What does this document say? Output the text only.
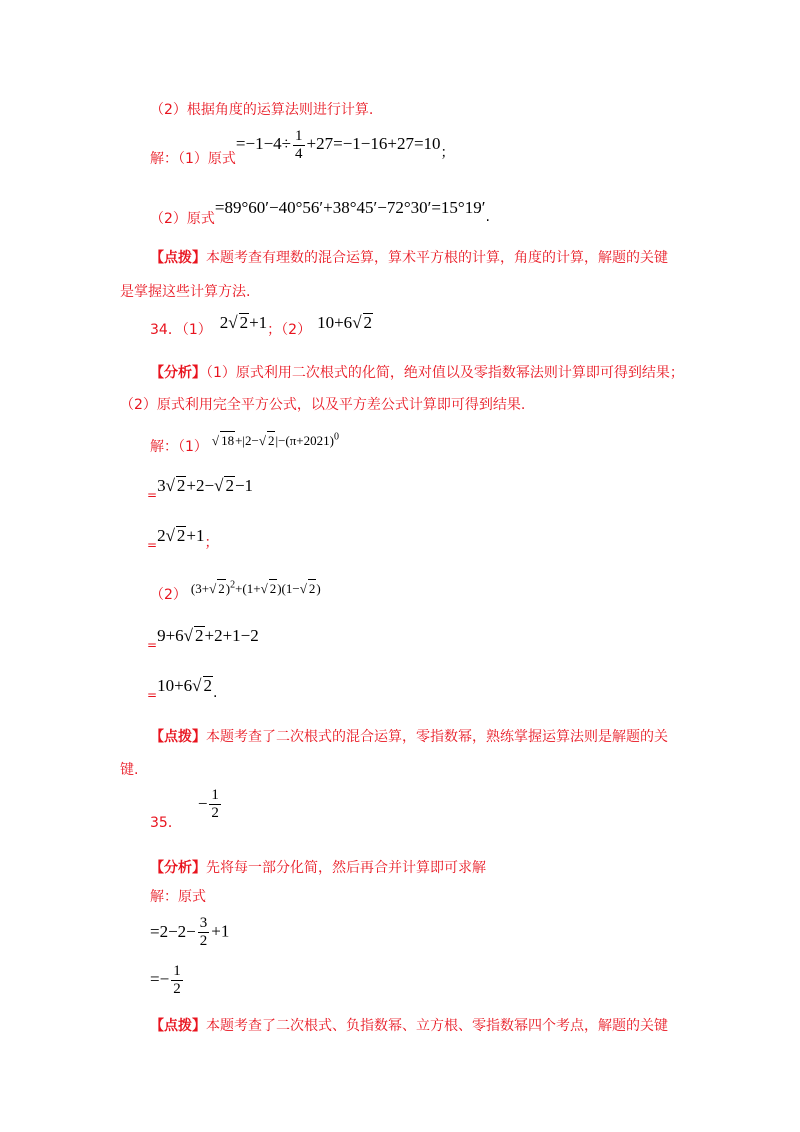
（2）根据角度的运算法则进行计算.
解：（1）原式$=-1-4\div \frac{1}{4} +27=-1-16+27=10$；
（2）原式=89°60′−40°56′+38°45′−72°30′=15°19′.
【点拨】本题考查有理数的混合运算，算术平方根的计算，角度的计算，解题的关键
是掌握这些计算方法.
34．（1） 2√ 2+1；（2） 10+6√ 2
【分析】（1）原式利用二次根式的化简，绝对值以及零指数幂法则计算即可得到结果；
（2）原式利用完全平方公式，以及平方差公式计算即可得到结果.
解：（1） √ 18+|2−√ $2|-(\pi+2021)^0$
=3√ 2+2−√ 2−1
=2√ 2+1；
（2） (3+√ 2)$^2$+(1+√ 2)(1−√ 2)
=9+6√ 2+2+1−2
=10+6√ 2.
【点拨】本题考查了二次根式的混合运算，零指数幂，熟练掌握运算法则是解题的关
键.
35．− $\frac{1}{2}$
【分析】先将每一部分化简，然后再合并计算即可求解
解：原式
$=2-2- \frac{3}{2} +1$
=− $\frac{1}{2}$
【点拨】本题考查了二次根式、负指数幂、立方根、零指数幂四个考点，解题的关键
